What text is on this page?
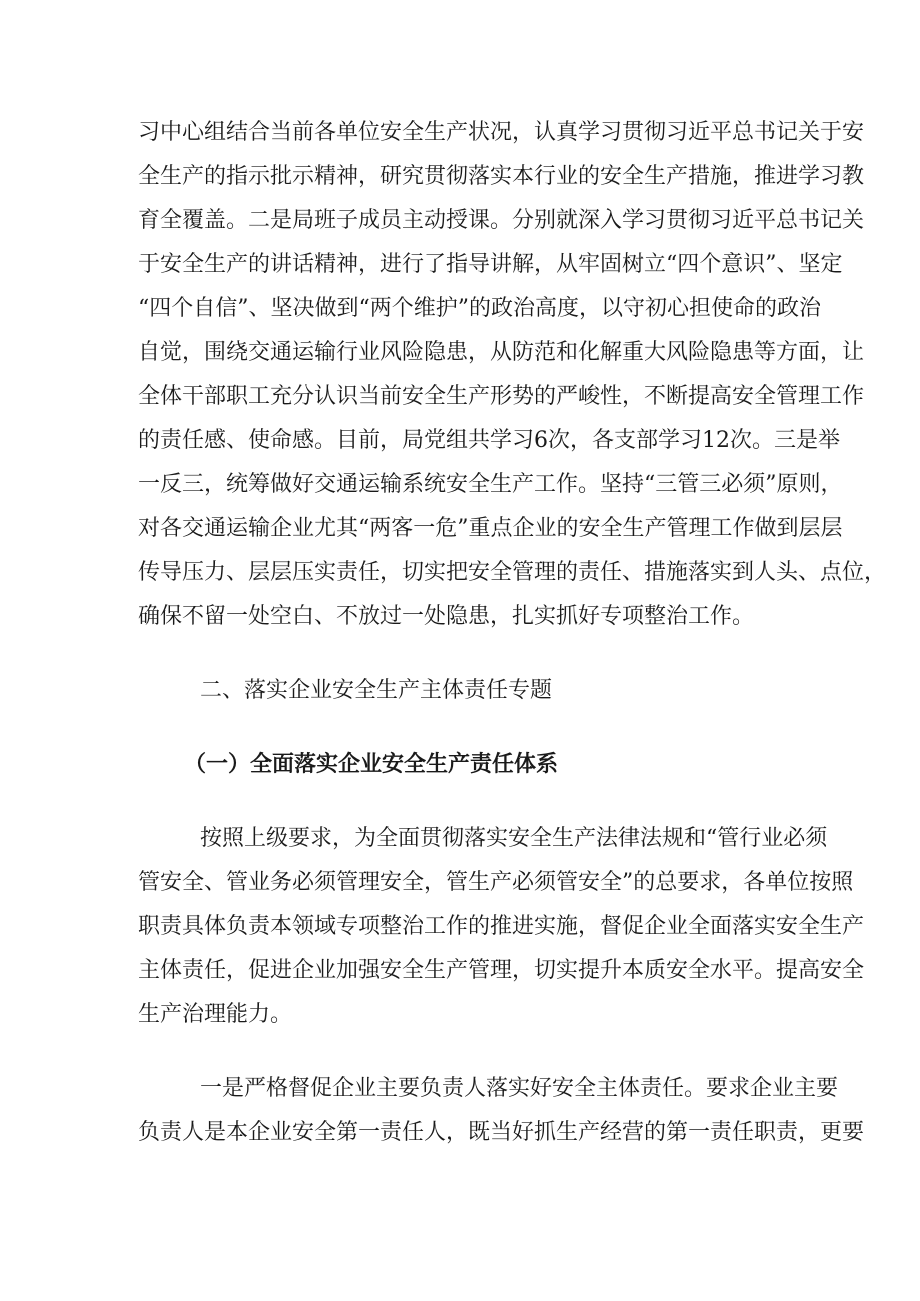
习中心组结合当前各单位安全生产状况，认真学习贯彻习近平总书记关于安
全生产的指示批示精神，研究贯彻落实本行业的安全生产措施，推进学习教
育全覆盖。二是局班子成员主动授课。分别就深入学习贯彻习近平总书记关
于安全生产的讲话精神，进行了指导讲解，从牢固树立“四个意识”、坚定
“四个自信”、坚决做到“两个维护”的政治高度，以守初心担使命的政治
自觉，围绕交通运输行业风险隐患，从防范和化解重大风险隐患等方面，让
全体干部职工充分认识当前安全生产形势的严峻性，不断提高安全管理工作
的责任感、使命感。目前，局党组共学习6次，各支部学习12次。三是举
一反三，统筹做好交通运输系统安全生产工作。坚持“三管三必须”原则，
对各交通运输企业尤其“两客一危”重点企业的安全生产管理工作做到层层
传导压力、层层压实责任，切实把安全管理的责任、措施落实到人头、点位，
确保不留一处空白、不放过一处隐患，扎实抓好专项整治工作。
二、落实企业安全生产主体责任专题
（一）全面落实企业安全生产责任体系
按照上级要求，为全面贯彻落实安全生产法律法规和“管行业必须
管安全、管业务必须管理安全，管生产必须管安全”的总要求，各单位按照
职责具体负责本领域专项整治工作的推进实施，督促企业全面落实安全生产
主体责任，促进企业加强安全生产管理，切实提升本质安全水平。提高安全
生产治理能力。
一是严格督促企业主要负责人落实好安全主体责任。要求企业主要
负责人是本企业安全第一责任人，既当好抓生产经营的第一责任职责，更要
